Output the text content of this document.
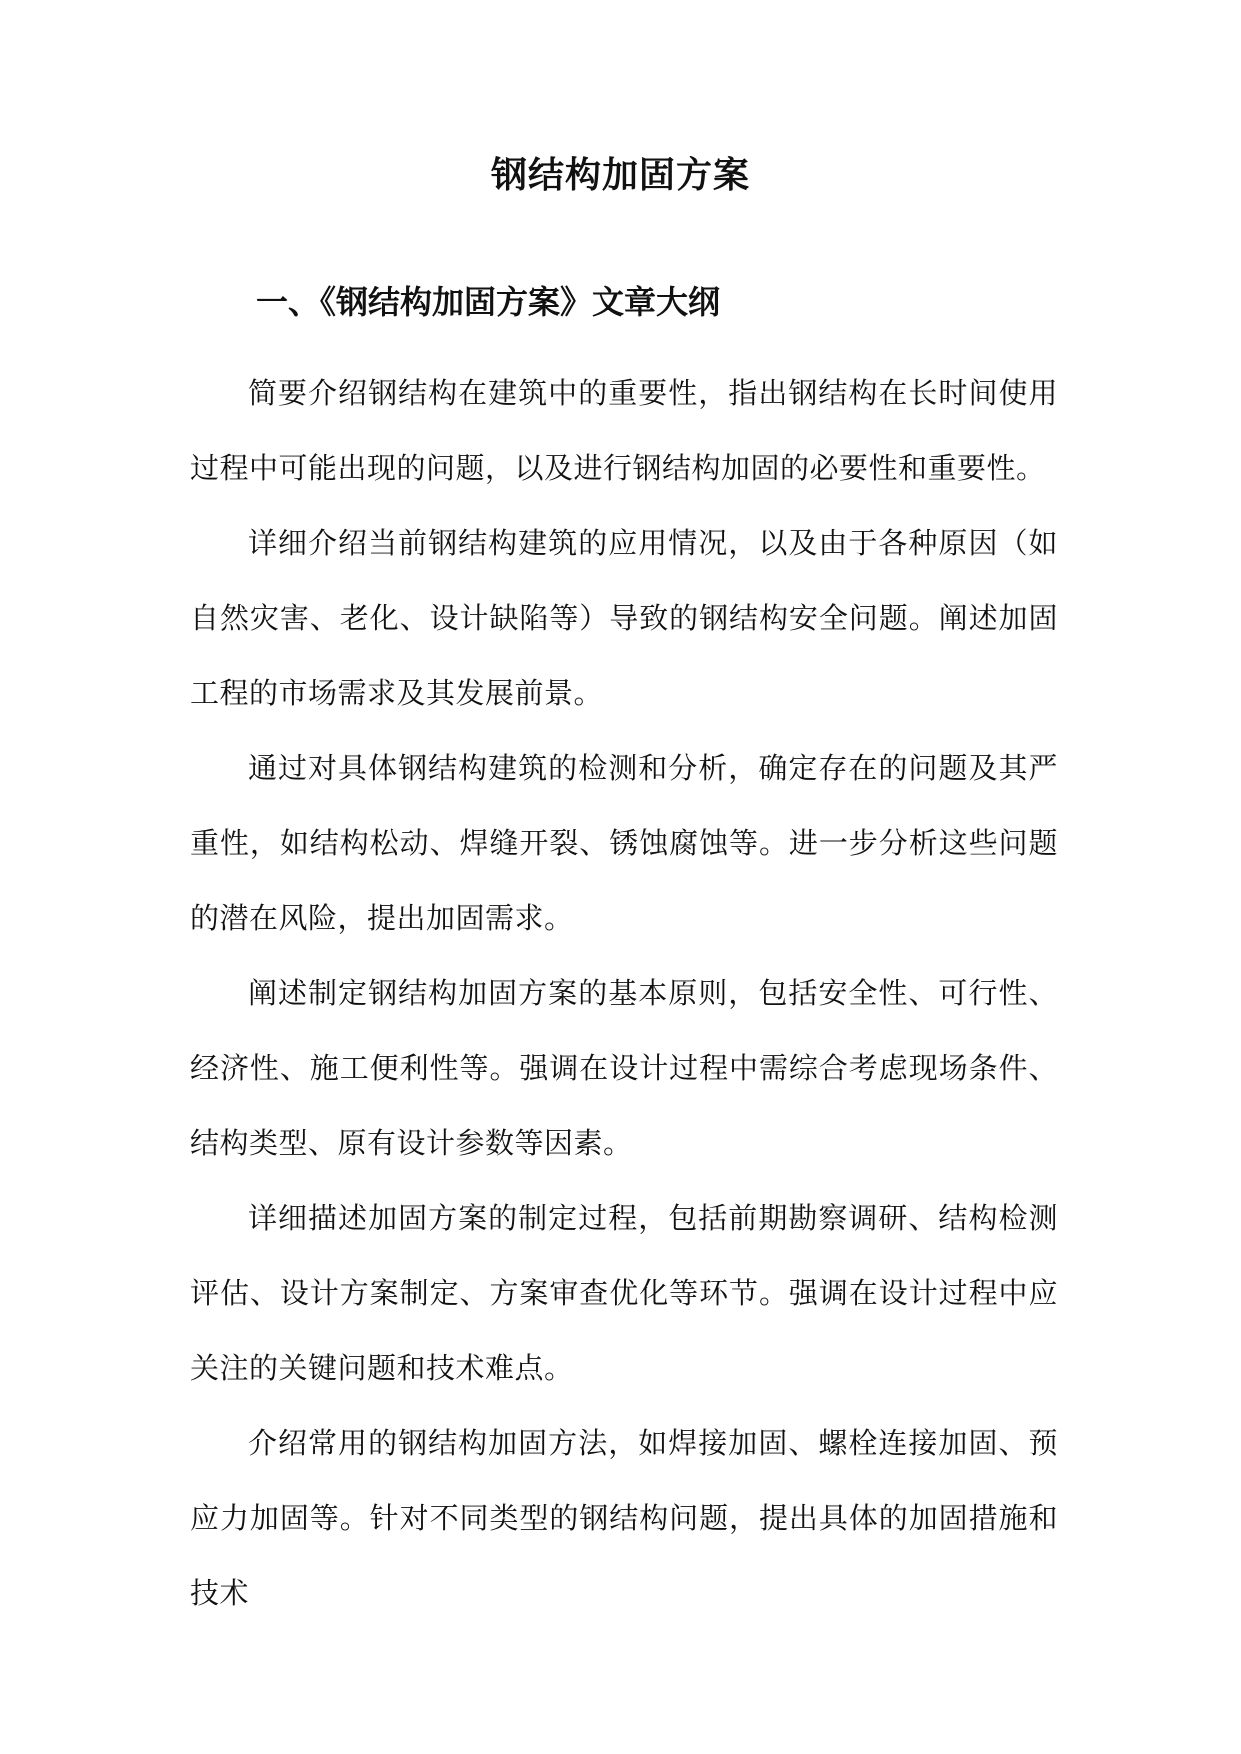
钢结构加固方案
一、《钢结构加固方案》文章大纲

简要介绍钢结构在建筑中的重要性，指出钢结构在长时间使用过程中可能出现的问题，以及进行钢结构加固的必要性和重要性。

详细介绍当前钢结构建筑的应用情况，以及由于各种原因（如自然灾害、老化、设计缺陷等）导致的钢结构安全问题。阐述加固工程的市场需求及其发展前景。

通过对具体钢结构建筑的检测和分析，确定存在的问题及其严重性，如结构松动、焊缝开裂、锈蚀腐蚀等。进一步分析这些问题的潜在风险，提出加固需求。

阐述制定钢结构加固方案的基本原则，包括安全性、可行性、经济性、施工便利性等。强调在设计过程中需综合考虑现场条件、结构类型、原有设计参数等因素。

详细描述加固方案的制定过程，包括前期勘察调研、结构检测评估、设计方案制定、方案审查优化等环节。强调在设计过程中应关注的关键问题和技术难点。

介绍常用的钢结构加固方法，如焊接加固、螺栓连接加固、预应力加固等。针对不同类型的钢结构问题，提出具体的加固措施和技术
